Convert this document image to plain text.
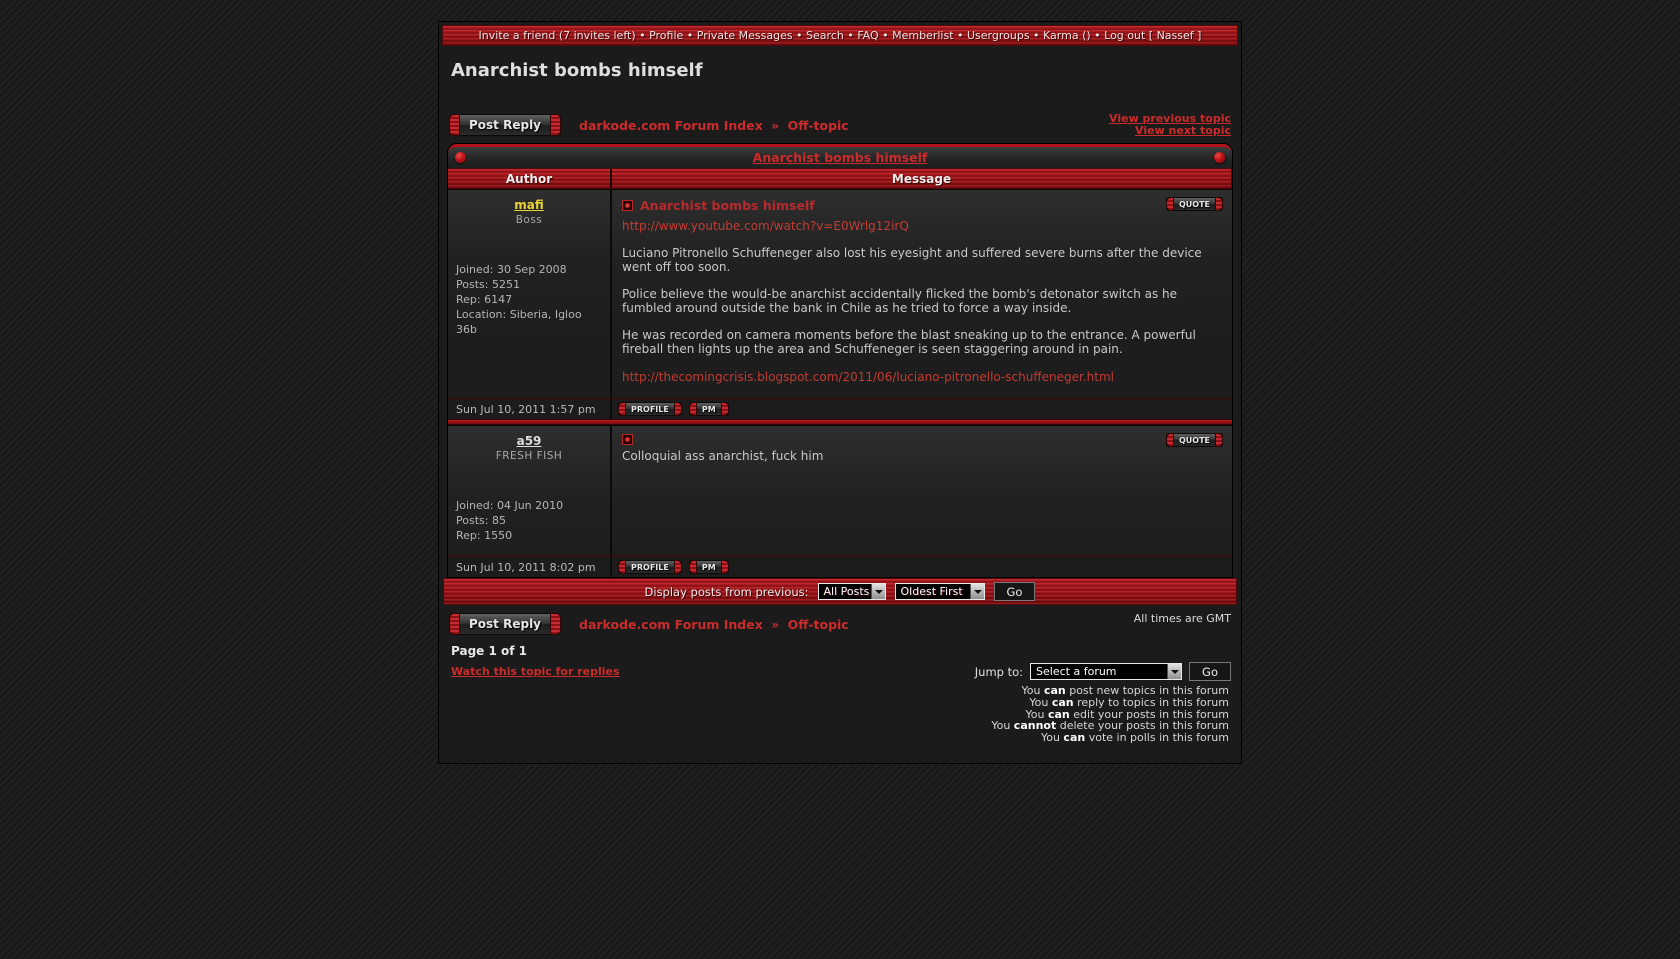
Invite a friend (7 invites left) • Profile • Private Messages • Search • FAQ • Memberlist • Usergroups • Karma () • Log out [ Nassef ]
Anarchist bombs himself
Post Reply	darkode.com Forum Index » Off-topic	View previous topic
View next topic
Anarchist bombs himself
Author	Message
mafi
Boss
Joined: 30 Sep 2008
Posts: 5251
Rep: 6147
Location: Siberia, Igloo 36b
QUOTE
Anarchist bombs himself
http://www.youtube.com/watch?v=E0Wrlg12irQ

Luciano Pitronello Schuffeneger also lost his eyesight and suffered severe burns after the device went off too soon.

Police believe the would-be anarchist accidentally flicked the bomb's detonator switch as he fumbled around outside the bank in Chile as he tried to force a way inside.

He was recorded on camera moments before the blast sneaking up to the entrance. A powerful fireball then lights up the area and Schuffeneger is seen staggering around in pain.

http://thecomingcrisis.blogspot.com/2011/06/luciano-pitronello-schuffeneger.html
Sun Jul 10, 2011 1:57 pm	PROFILE	PM
a59
FRESH FISH
Joined: 04 Jun 2010
Posts: 85
Rep: 1550
QUOTE

Colloquial ass anarchist, fuck him

Sun Jul 10, 2011 8:02 pm	PROFILE	PM
Display posts from previous:	All Posts	Oldest First	Go
Post Reply	darkode.com Forum Index » Off-topic	All times are GMT
Page 1 of 1
Watch this topic for replies	Jump to:	Select a forum	Go
You can post new topics in this forum
You can reply to topics in this forum
You can edit your posts in this forum
You cannot delete your posts in this forum
You can vote in polls in this forum
